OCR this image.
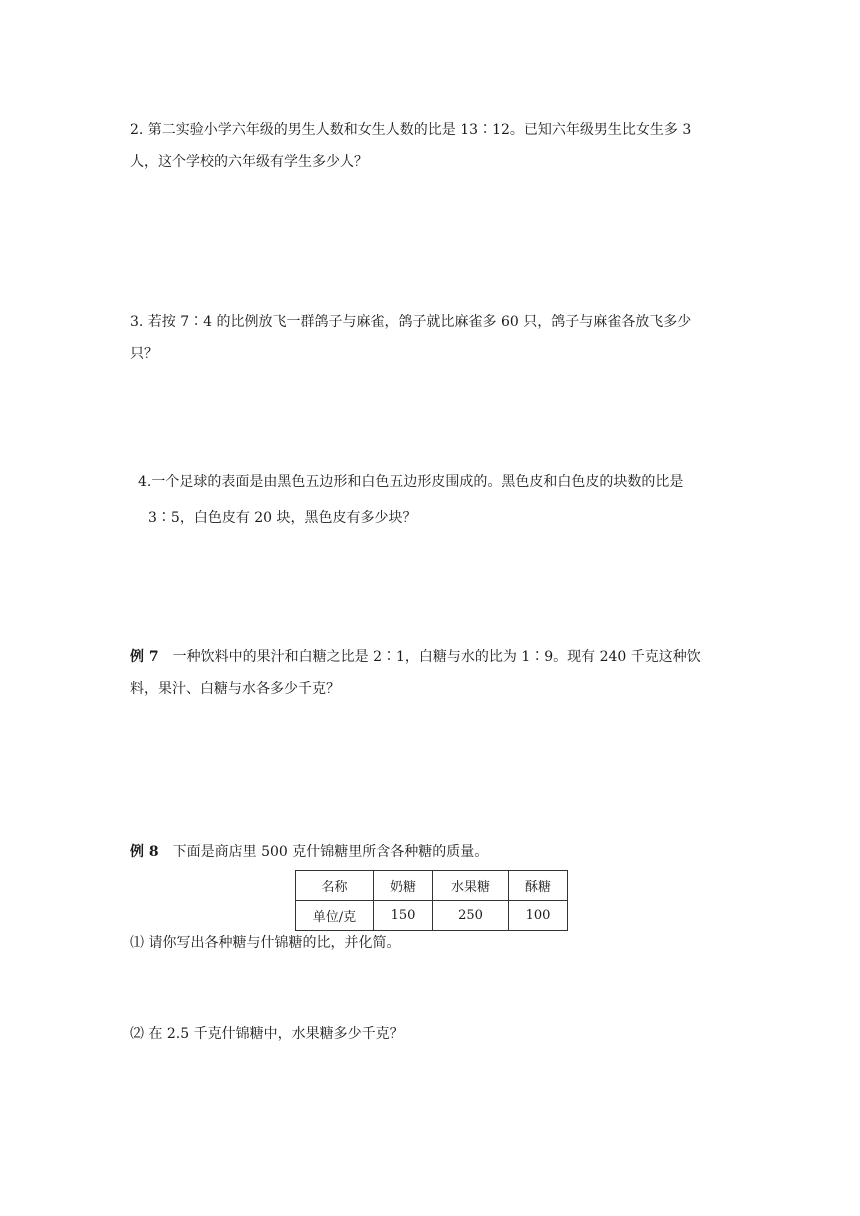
2. 第二实验小学六年级的男生人数和女生人数的比是 13∶12。已知六年级男生比女生多 3
人，这个学校的六年级有学生多少人？
3. 若按 7∶4 的比例放飞一群鸽子与麻雀，鸽子就比麻雀多 60 只，鸽子与麻雀各放飞多少
只？
4.一个足球的表面是由黑色五边形和白色五边形皮围成的。黑色皮和白色皮的块数的比是
3∶5，白色皮有 20 块，黑色皮有多少块？
例 7 一种饮料中的果汁和白糖之比是 2∶1，白糖与水的比为 1∶9。现有 240 千克这种饮
料，果汁、白糖与水各多少千克？
例 8 下面是商店里 500 克什锦糖里所含各种糖的质量。
名称	奶糖	水果糖	酥糖
单位/克	150	250	100
⑴ 请你写出各种糖与什锦糖的比，并化简。
⑵ 在 2.5 千克什锦糖中，水果糖多少千克？
